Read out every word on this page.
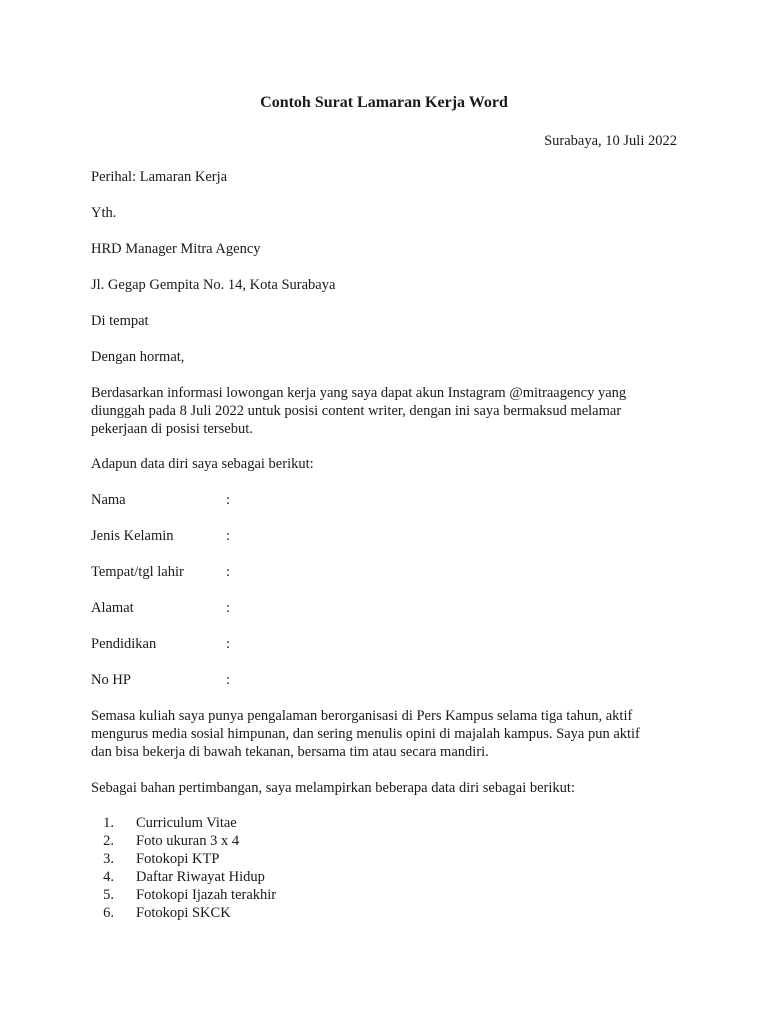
Contoh Surat Lamaran Kerja Word
Surabaya, 10 Juli 2022
Perihal: Lamaran Kerja
Yth.
HRD Manager Mitra Agency
Jl. Gegap Gempita No. 14, Kota Surabaya
Di tempat
Dengan hormat,
Berdasarkan informasi lowongan kerja yang saya dapat akun Instagram @mitraagency yang
diunggah pada 8 Juli 2022 untuk posisi content writer, dengan ini saya bermaksud melamar
pekerjaan di posisi tersebut.
Adapun data diri saya sebagai berikut:
Nama	:
Jenis Kelamin	:
Tempat/tgl lahir	:
Alamat	:
Pendidikan	:
No HP	:
Semasa kuliah saya punya pengalaman berorganisasi di Pers Kampus selama tiga tahun, aktif
mengurus media sosial himpunan, dan sering menulis opini di majalah kampus. Saya pun aktif
dan bisa bekerja di bawah tekanan, bersama tim atau secara mandiri.
Sebagai bahan pertimbangan, saya melampirkan beberapa data diri sebagai berikut:
1. Curriculum Vitae
2. Foto ukuran 3 x 4
3. Fotokopi KTP
4. Daftar Riwayat Hidup
5. Fotokopi Ijazah terakhir
6. Fotokopi SKCK
